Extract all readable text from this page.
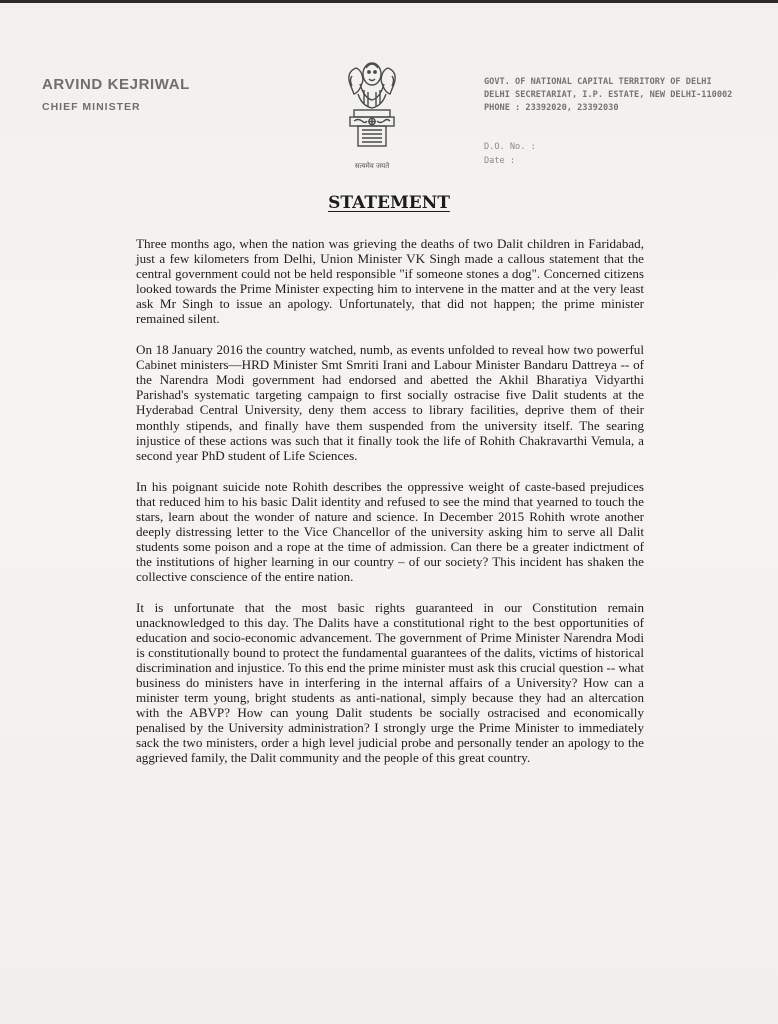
ARVIND KEJRIWAL
CHIEF MINISTER
सत्यमेव जयते
GOVT. OF NATIONAL CAPITAL TERRITORY OF DELHI
DELHI SECRETARIAT, I.P. ESTATE, NEW DELHI-110002
PHONE : 23392020, 23392030
D.O. No. :
Date :
STATEMENT

Three months ago, when the nation was grieving the deaths of two Dalit children in Faridabad, just a few kilometers from Delhi, Union Minister VK Singh made a callous statement that the central government could not be held responsible "if someone stones a dog". Concerned citizens looked towards the Prime Minister expecting him to intervene in the matter and at the very least ask Mr Singh to issue an apology. Unfortunately, that did not happen; the prime minister remained silent.

On 18 January 2016 the country watched, numb, as events unfolded to reveal how two powerful Cabinet ministers—HRD Minister Smt Smriti Irani and Labour Minister Bandaru Dattreya -- of the Narendra Modi government had endorsed and abetted the Akhil Bharatiya Vidyarthi Parishad's systematic targeting campaign to first socially ostracise five Dalit students at the Hyderabad Central University, deny them access to library facilities, deprive them of their monthly stipends, and finally have them suspended from the university itself. The searing injustice of these actions was such that it finally took the life of Rohith Chakravarthi Vemula, a second year PhD student of Life Sciences.

In his poignant suicide note Rohith describes the oppressive weight of caste-based prejudices that reduced him to his basic Dalit identity and refused to see the mind that yearned to touch the stars, learn about the wonder of nature and science. In December 2015 Rohith wrote another deeply distressing letter to the Vice Chancellor of the university asking him to serve all Dalit students some poison and a rope at the time of admission. Can there be a greater indictment of the institutions of higher learning in our country – of our society? This incident has shaken the collective conscience of the entire nation.

It is unfortunate that the most basic rights guaranteed in our Constitution remain unacknowledged to this day. The Dalits have a constitutional right to the best opportunities of education and socio-economic advancement. The government of Prime Minister Narendra Modi is constitutionally bound to protect the fundamental guarantees of the dalits, victims of historical discrimination and injustice. To this end the prime minister must ask this crucial question -- what business do ministers have in interfering in the internal affairs of a University? How can a minister term young, bright students as anti-national, simply because they had an altercation with the ABVP? How can young Dalit students be socially ostracised and economically penalised by the University administration? I strongly urge the Prime Minister to immediately sack the two ministers, order a high level judicial probe and personally tender an apology to the aggrieved family, the Dalit community and the people of this great country.
